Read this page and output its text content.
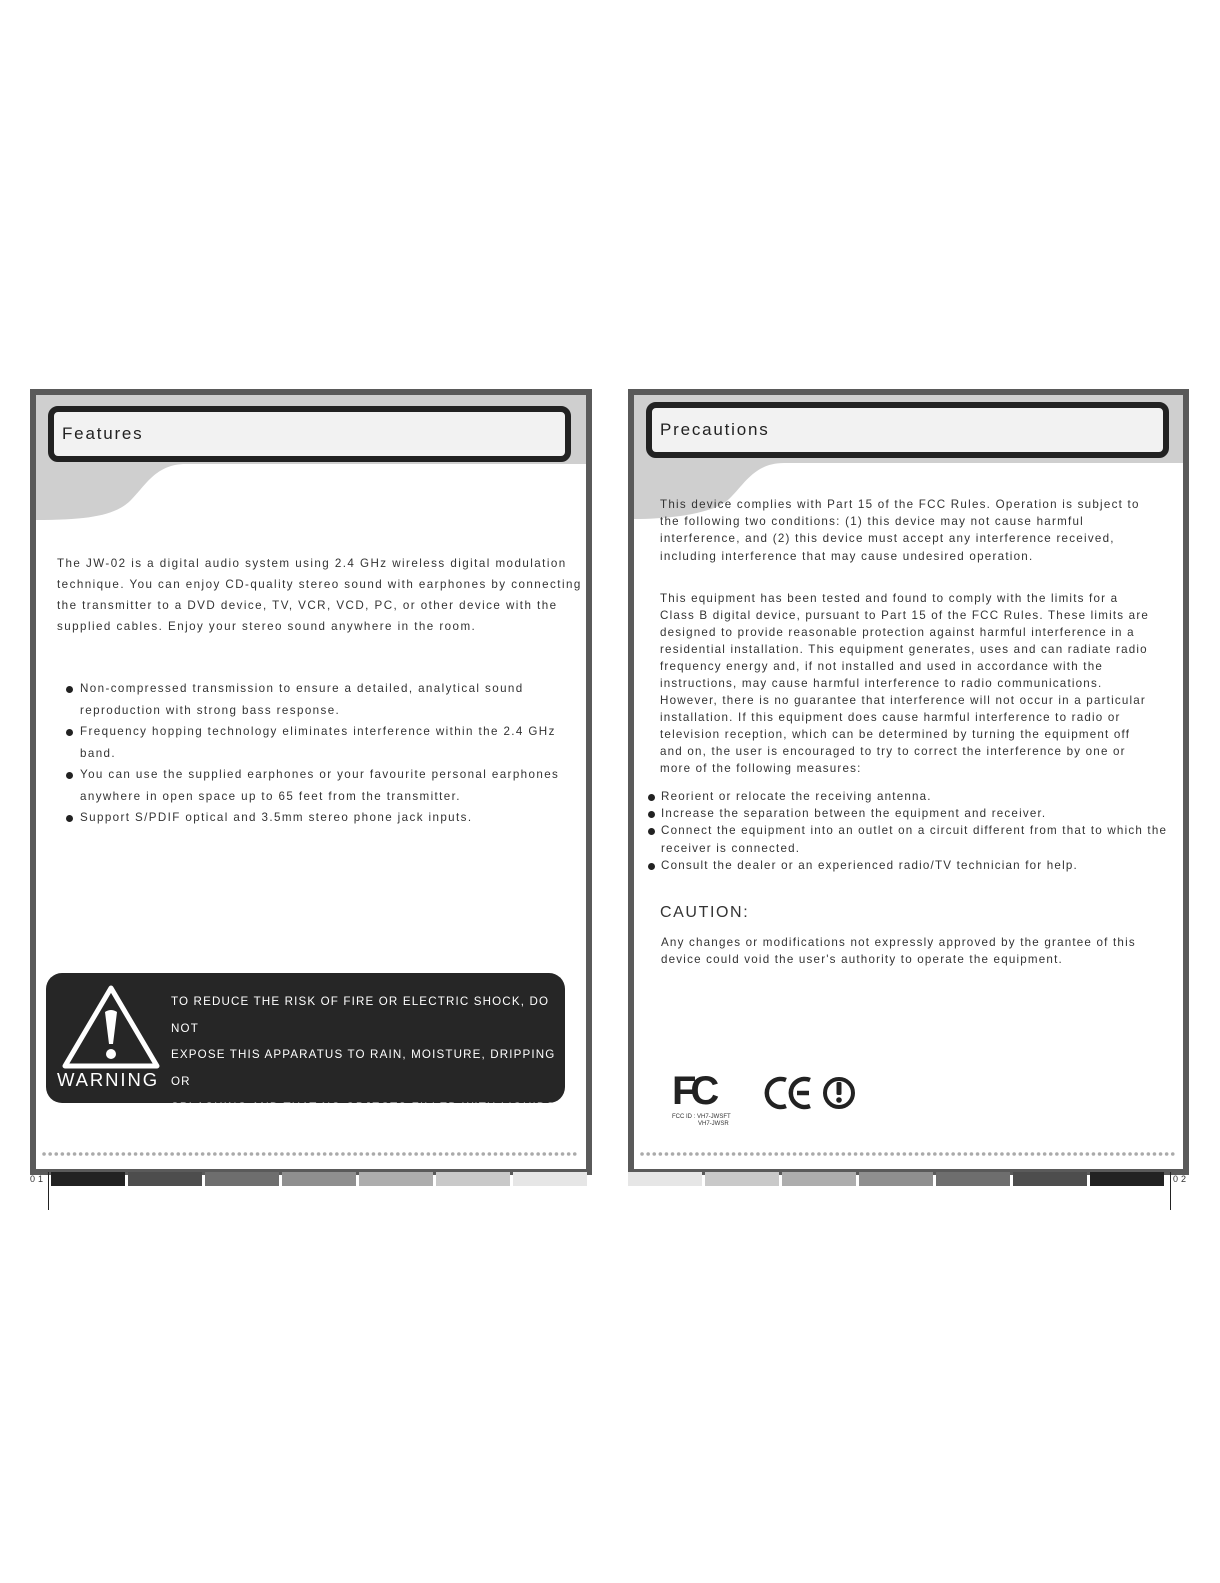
Features

The JW-02 is a digital audio system using 2.4 GHz wireless digital modulation
technique. You can enjoy CD-quality stereo sound with earphones by connecting
the transmitter to a DVD device, TV, VCR, VCD, PC, or other device with the
supplied cables. Enjoy your stereo sound anywhere in the room.

Non-compressed transmission to ensure a detailed, analytical sound reproduction with strong bass response.
Frequency hopping technology eliminates interference within the 2.4 GHz band.
You can use the supplied earphones or your favourite personal earphones anywhere in open space up to 65 feet from the transmitter.
Support S/PDIF optical and 3.5mm stereo phone jack inputs.
WARNING

TO REDUCE THE RISK OF FIRE OR ELECTRIC SHOCK, DO NOT
EXPOSE THIS APPARATUS TO RAIN, MOISTURE, DRIPPING OR
SPLASHING AND THAT NO OBJECTS FILLED WITH LIQUIDS,
SUCH AS VASES, SHALL BE PLACED ON THE APPARATUS

Precautions

This device complies with Part 15 of the FCC Rules. Operation is subject to
the following two conditions: (1) this device may not cause harmful
interference, and (2) this device must accept any interference received,
including interference that may cause undesired operation.

This equipment has been tested and found to comply with the limits for a
Class B digital device, pursuant to Part 15 of the FCC Rules. These limits are
designed to provide reasonable protection against harmful interference in a
residential installation. This equipment generates, uses and can radiate radio
frequency energy and, if not installed and used in accordance with the
instructions, may cause harmful interference to radio communications.
However, there is no guarantee that interference will not occur in a particular
installation. If this equipment does cause harmful interference to radio or
television reception, which can be determined by turning the equipment off
and on, the user is encouraged to try to correct the interference by one or
more of the following measures:

Reorient or relocate the receiving antenna.
Increase the separation between the equipment and receiver.
Connect the equipment into an outlet on a circuit different from that to which the receiver is connected.
Consult the dealer or an experienced radio/TV technician for help.
CAUTION:

Any changes or modifications not expressly approved by the grantee of this
device could void the user's authority to operate the equipment.

FC
FCC ID : VH7-JWSFT
VH7-JWSR
01	02
